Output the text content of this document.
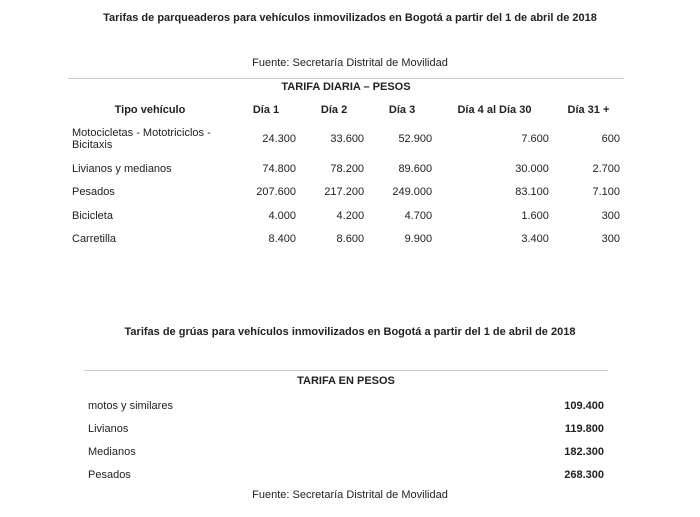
Tarifas de parqueaderos para vehículos inmovilizados en Bogotá a partir del 1 de abril de 2018
Fuente: Secretaría Distrital de Movilidad
TARIFA DIARIA – PESOS
Tipo vehículo	Día 1	Día 2	Día 3	Día 4 al Día 30	Día 31 +
Motocicletas - Mototriciclos - Bicitaxis	24.300	33.600	52.900	7.600	600
Livianos y medianos	74.800	78.200	89.600	30.000	2.700
Pesados	207.600	217.200	249.000	83.100	7.100
Bicicleta	4.000	4.200	4.700	1.600	300
Carretilla	8.400	8.600	9.900	3.400	300
Tarifas de grúas para vehículos inmovilizados en Bogotá a partir del 1 de abril de 2018
TARIFA EN PESOS
motos y similares	109.400
Livianos	119.800
Medianos	182.300
Pesados	268.300
Fuente: Secretaría Distrital de Movilidad
